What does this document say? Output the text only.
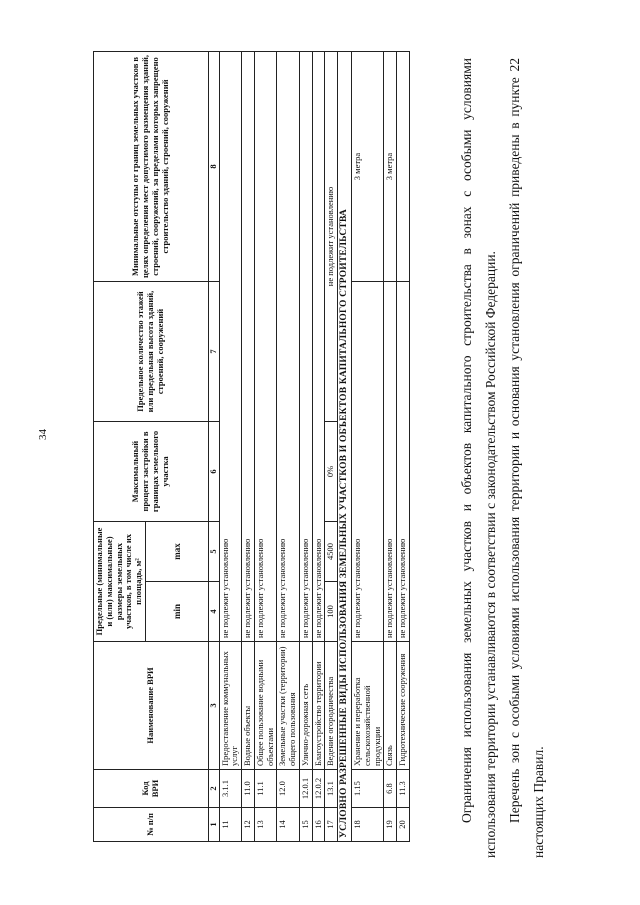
34
№ п/п	Код ВРИ	Наименование ВРИ	Предельные (минимальные и (или) максимальные) размеры земельных участков, в том числе их площадь, м²		Максимальный процент застройки в границах земельного участка	Предельное количество этажей или предельная высота зданий, строений, сооружений	Минимальные отступы от границ земельных участков в целях определения мест допустимого размещения зданий, строений, сооружений, за пределами которых запрещено строительство зданий, строений, сооружений
			min	max			
1	2	3	4	5	6	7	8
11	3.1.1	Предоставление коммунальных услуг	не подлежит установлению				
12	11.0	Водные объекты	не подлежит установлению				
13	11.1	Общее пользование водными объектами	не подлежит установлению				
14	12.0	Земельные участки (территории) общего пользования	не подлежит установлению				
15	12.0.1	Улично-дорожная сеть	не подлежит установлению				
16	12.0.2	Благоустройство территории	не подлежит установлению				
17	13.1	Ведение огородничества	100	4500	0%	не подлежит установлению	
УСЛОВНО РАЗРЕШЕННЫЕ ВИДЫ ИСПОЛЬЗОВАНИЯ ЗЕМЕЛЬНЫХ УЧАСТКОВ И ОБЪЕКТОВ КАПИТАЛЬНОГО СТРОИТЕЛЬСТВА							
18	1.15	Хранение и переработка сельскохозяйственной продукции	не подлежит установлению				3 метра
19	6.8	Связь	не подлежит установлению				3 метра
20	11.3	Гидротехнические сооружения	не подлежит установлению					Ограничения использования земельных участков и объектов капитального строительства в зонах с особыми условиями использования территории устанавливаются в соответствии с законодательством Российской Федерации. Перечень зон с особыми условиями использования территории и основания установления ограничений приведены в пункте 22 настоящих Правил.
